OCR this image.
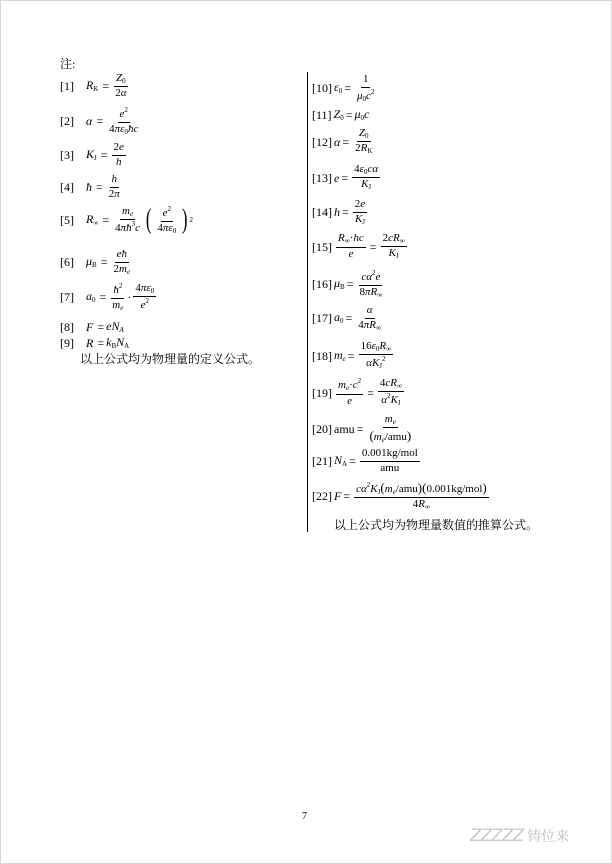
注:
[1]	$R_K = \frac{Z_0}{2\alpha}$
[2]	$\alpha = \frac{e^2}{4\pi\varepsilon_0ħc}$
[3]	$K_J = \frac{2e}{h}$
[4]	ħ = $\frac{h}{2\pi}$
[5]	$R_\infty = \frac{m_e}{4\pi ħ^3c}$ ( $e^2$
$4\pi\varepsilon_0$ ) 2
[6]	$\mu_B = \frac{eħ}{2m_e}$
[7]	$a_0 = \frac{ħ^2}{m_e}$ ·
$4\pi\varepsilon_0$
$e^2$
[8]	$F = eN_A$
[9]	$R = k_BN_A$
以上公式均为物理量的定义公式。
[10] $\varepsilon_0 = \frac{1}{\mu_0c^2}$
[11] $Z_0 = \mu_0c$
[12] $\alpha = \frac{Z_0}{2R_K}$
[13] $e = \frac{4\varepsilon_0c\alpha}{K_J}$
[14] $h = \frac{2e}{K_J}$
$[15] \frac{R_\infty\cdot hc}{e} = \frac{2cR_\infty}{K_J}$
[16] $\mu_B = \frac{c\alpha^2e}{8\pi R_\infty}$
[17] $a_0 = \frac{\alpha}{4\pi R_\infty}$
[18] $m_e$ =
$16\varepsilon_0R_\infty$
$\alpha K_J^2$
$[19] \frac{m_e\cdot c^2}{e} = \frac{4cR_\infty}{\alpha^2K_J}$
[20] amu =
$m_e$
$(m_e/amu)$
[21] $N_A$ =
0.001kg/mol
amu
[22] F =
$c\alpha^2K_J(m_e/amu)(0.001kg/mol)$
$4R_\infty$
以上公式均为物理量数值的推算公式。
7
ZZZZZ 铸位来
